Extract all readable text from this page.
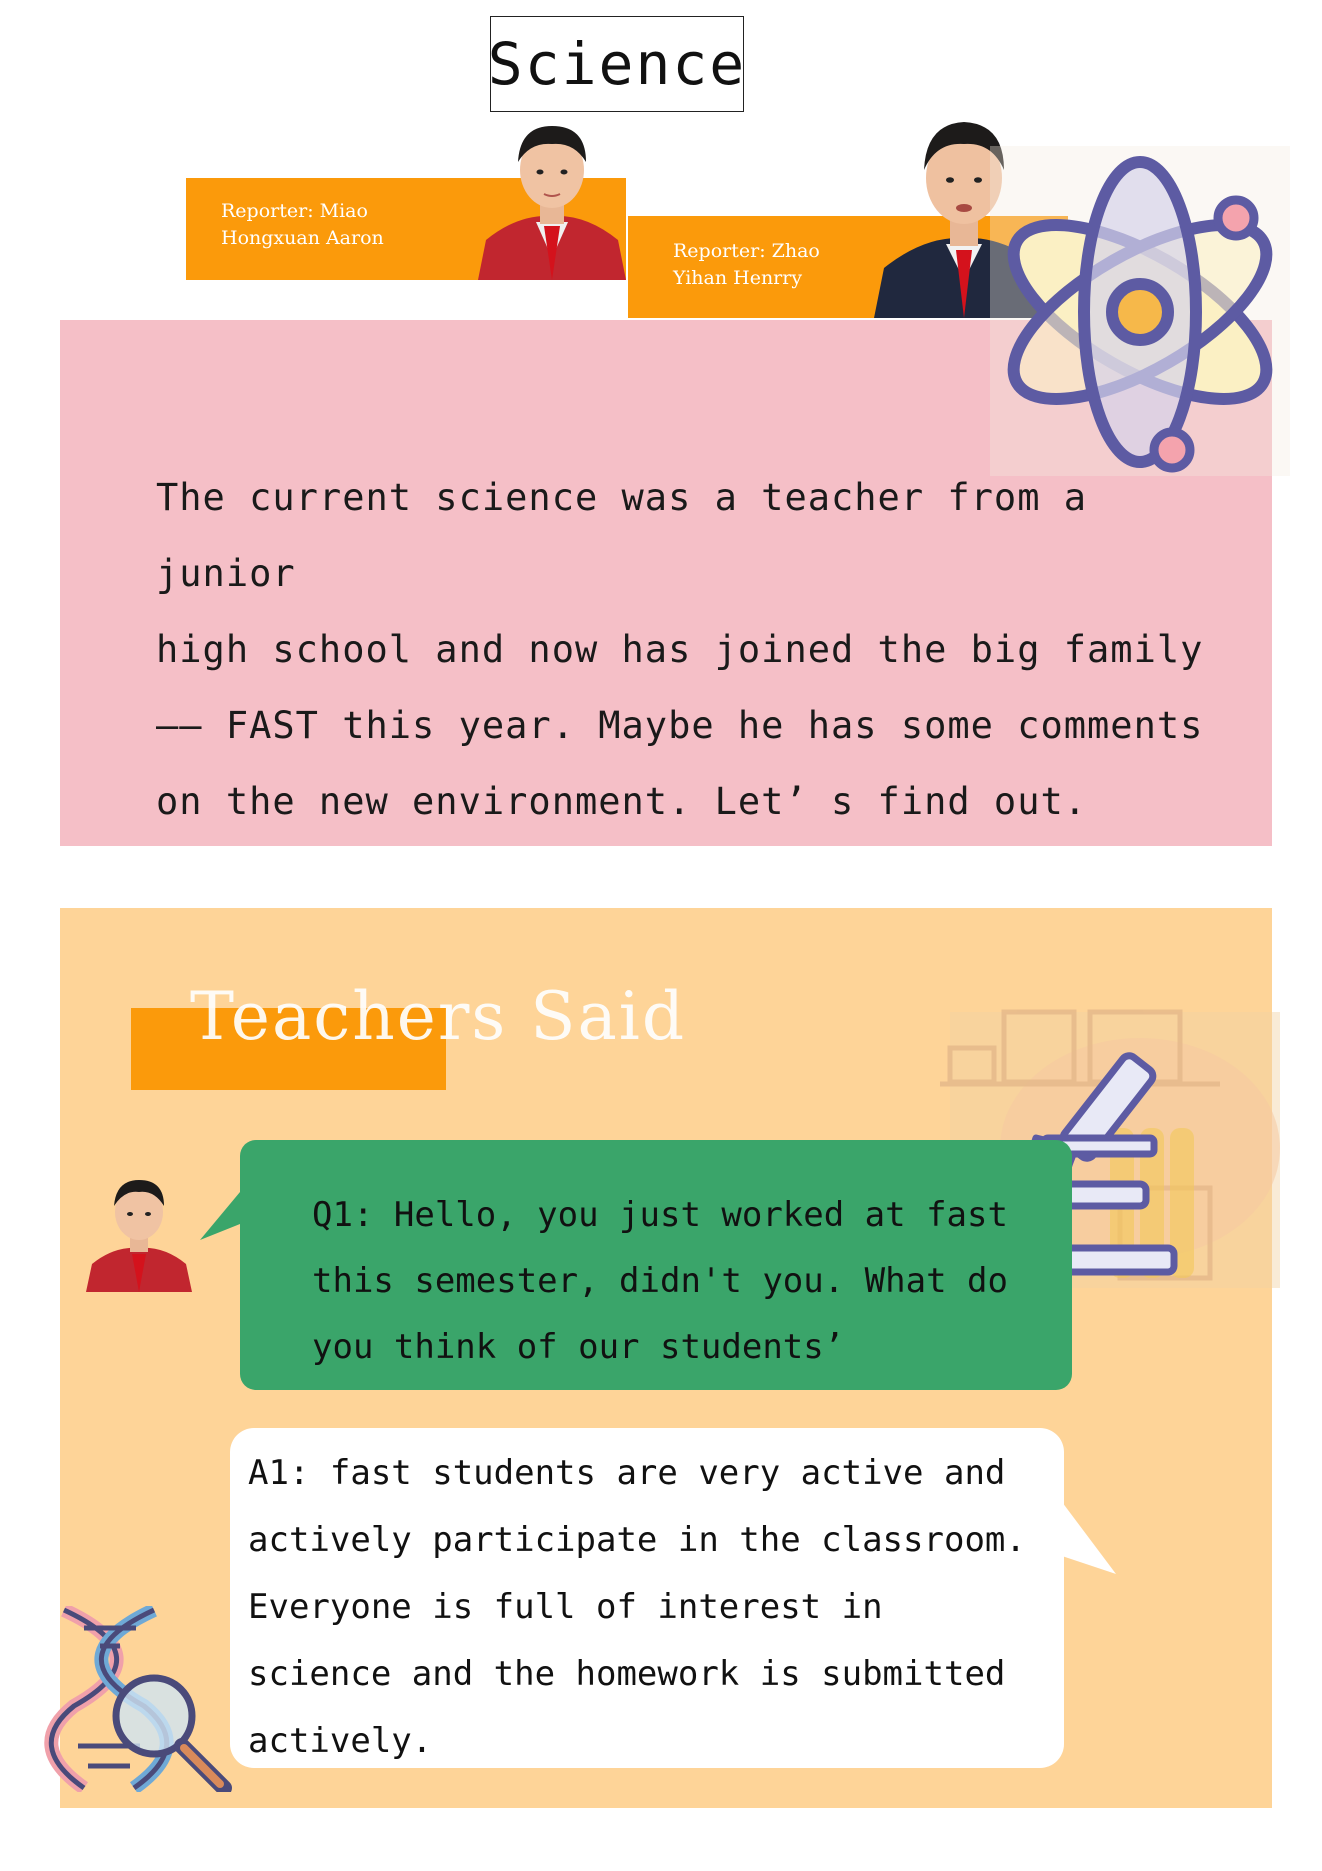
Science
Reporter: Miao
Hongxuan Aaron
Reporter: Zhao
Yihan Henrry
The current science was a teacher from a junior
high school and now has joined the big family
—— FAST this year. Maybe he has some comments
on the new environment. Let’ s find out.
Teachers Said
Q1: Hello, you just worked at fast
this semester, didn't you. What do
you think of our students’
A1: fast students are very active and
actively participate in the classroom.
Everyone is full of interest in
science and the homework is submitted
actively.
